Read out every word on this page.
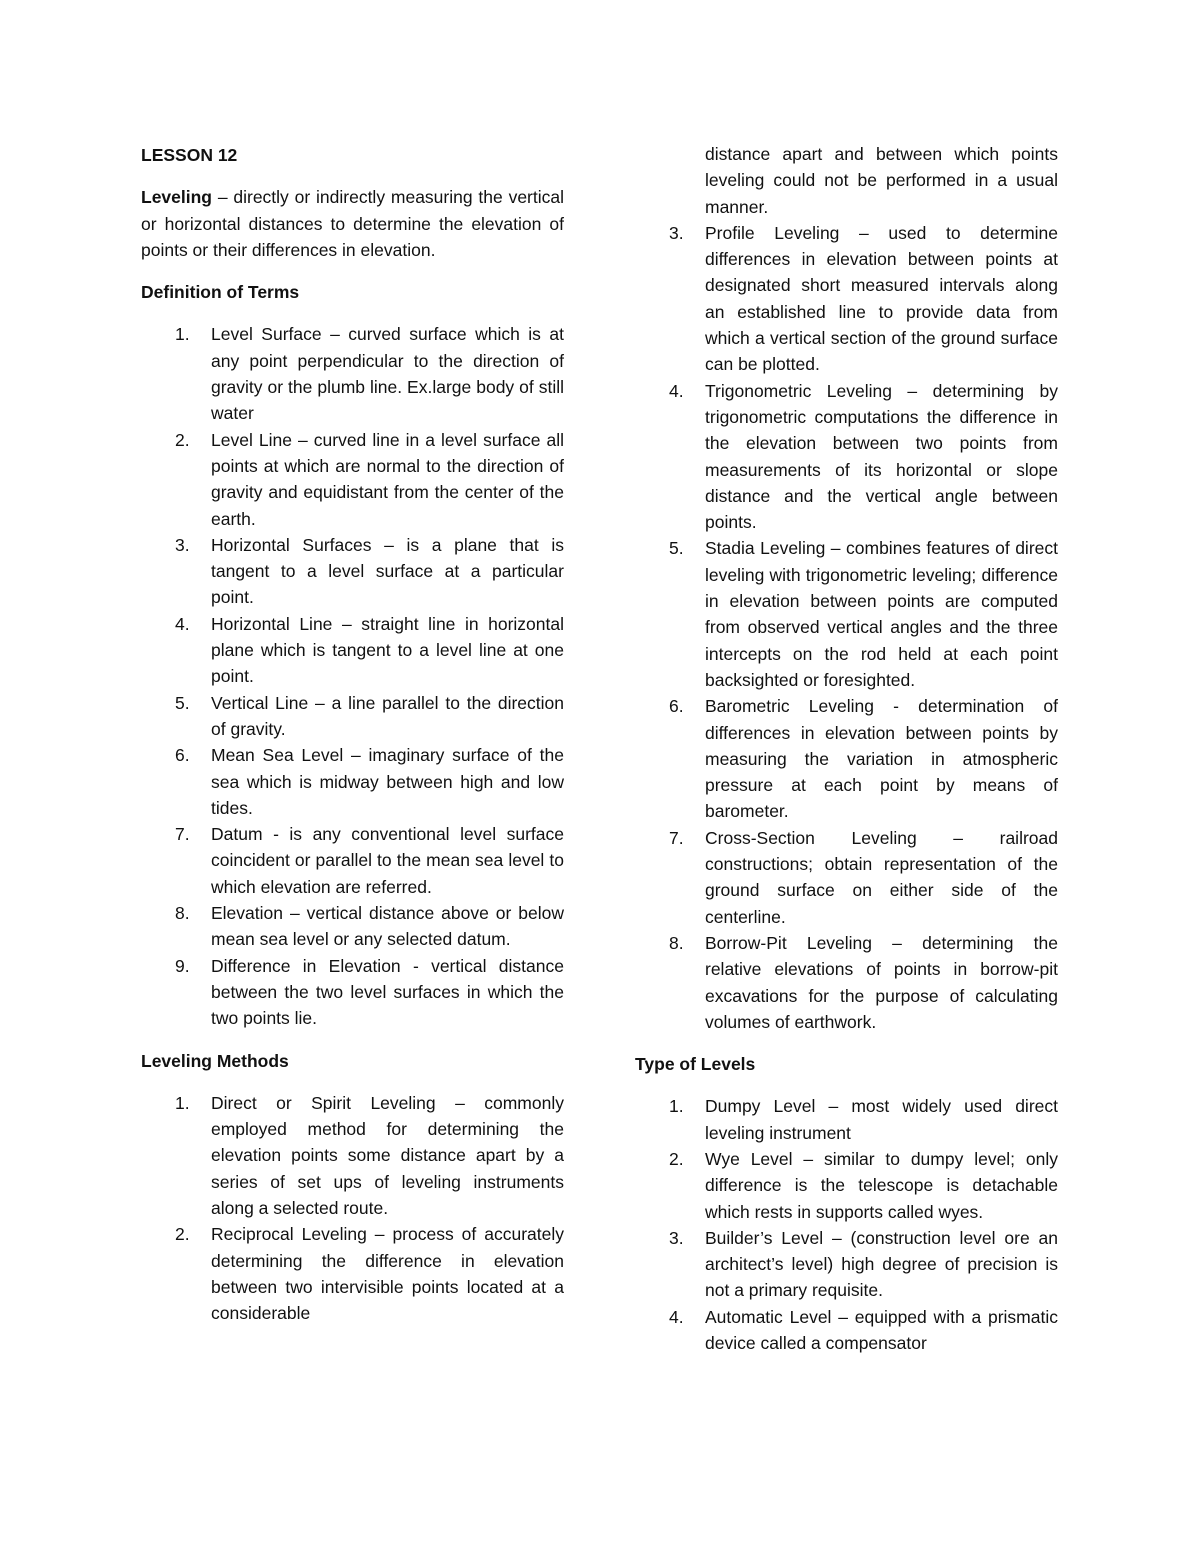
LESSON 12

Leveling – directly or indirectly measuring the vertical or horizontal distances to determine the elevation of points or their differences in elevation.

Definition of Terms

1. Level Surface – curved surface which is at any point perpendicular to the direction of gravity or the plumb line. Ex.large body of still water
2. Level Line – curved line in a level surface all points at which are normal to the direction of gravity and equidistant from the center of the earth.
3. Horizontal Surfaces – is a plane that is tangent to a level surface at a particular point.
4. Horizontal Line – straight line in horizontal plane which is tangent to a level line at one point.
5. Vertical Line – a line parallel to the direction of gravity.
6. Mean Sea Level – imaginary surface of the sea which is midway between high and low tides.
7. Datum - is any conventional level surface coincident or parallel to the mean sea level to which elevation are referred.
8. Elevation – vertical distance above or below mean sea level or any selected datum.
9. Difference in Elevation - vertical distance between the two level surfaces in which the two points lie.

Leveling Methods

1. Direct or Spirit Leveling – commonly employed method for determining the elevation points some distance apart by a series of set ups of leveling instruments along a selected route.
2. Reciprocal Leveling – process of accurately determining the difference in elevation between two intervisible points located at a considerable
distance apart and between which points leveling could not be performed in a usual manner.
3. Profile Leveling – used to determine differences in elevation between points at designated short measured intervals along an established line to provide data from which a vertical section of the ground surface can be plotted.
4. Trigonometric Leveling – determining by trigonometric computations the difference in the elevation between two points from measurements of its horizontal or slope distance and the vertical angle between points.
5. Stadia Leveling – combines features of direct leveling with trigonometric leveling; difference in elevation between points are computed from observed vertical angles and the three intercepts on the rod held at each point backsighted or foresighted.
6. Barometric Leveling - determination of differences in elevation between points by measuring the variation in atmospheric pressure at each point by means of barometer.
7. Cross-Section Leveling – railroad constructions; obtain representation of the ground surface on either side of the centerline.
8. Borrow-Pit Leveling – determining the relative elevations of points in borrow-pit excavations for the purpose of calculating volumes of earthwork.

Type of Levels

1. Dumpy Level – most widely used direct leveling instrument
2. Wye Level – similar to dumpy level; only difference is the telescope is detachable which rests in supports called wyes.
3. Builder’s Level – (construction level ore an architect’s level) high degree of precision is not a primary requisite.
4. Automatic Level – equipped with a prismatic device called a compensator
